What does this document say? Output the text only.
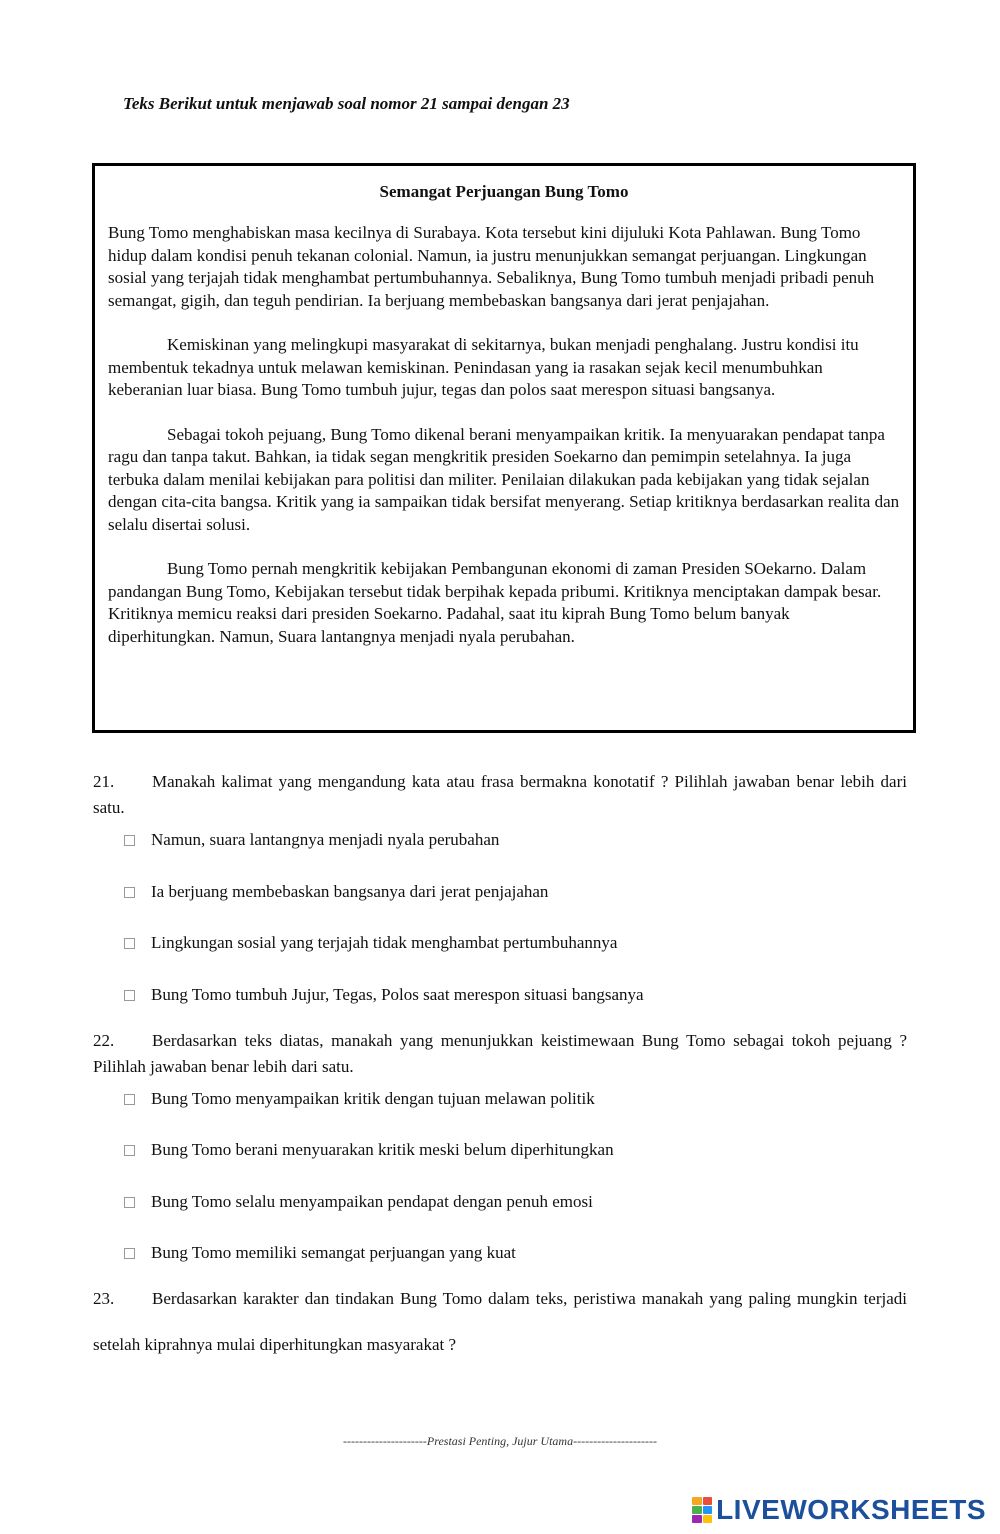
Teks Berikut untuk menjawab soal nomor 21 sampai dengan 23
Semangat Perjuangan Bung Tomo

Bung Tomo menghabiskan masa kecilnya di Surabaya. Kota tersebut kini dijuluki Kota Pahlawan. Bung Tomo hidup dalam kondisi penuh tekanan colonial. Namun, ia justru menunjukkan semangat perjuangan. Lingkungan sosial yang terjajah tidak menghambat pertumbuhannya. Sebaliknya, Bung Tomo tumbuh menjadi pribadi penuh semangat, gigih, dan teguh pendirian. Ia berjuang membebaskan bangsanya dari jerat penjajahan.

Kemiskinan yang melingkupi masyarakat di sekitarnya, bukan menjadi penghalang. Justru kondisi itu membentuk tekadnya untuk melawan kemiskinan. Penindasan yang ia rasakan sejak kecil menumbuhkan keberanian luar biasa. Bung Tomo tumbuh jujur, tegas dan polos saat merespon situasi bangsanya.

Sebagai tokoh pejuang, Bung Tomo dikenal berani menyampaikan kritik. Ia menyuarakan pendapat tanpa ragu dan tanpa takut. Bahkan, ia tidak segan mengkritik presiden Soekarno dan pemimpin setelahnya. Ia juga terbuka dalam menilai kebijakan para politisi dan militer. Penilaian dilakukan pada kebijakan yang tidak sejalan dengan cita-cita bangsa. Kritik yang ia sampaikan tidak bersifat menyerang. Setiap kritiknya berdasarkan realita dan selalu disertai solusi.

Bung Tomo pernah mengkritik kebijakan Pembangunan ekonomi di zaman Presiden SOekarno. Dalam pandangan Bung Tomo, Kebijakan tersebut tidak berpihak kepada pribumi. Kritiknya menciptakan dampak besar. Kritiknya memicu reaksi dari presiden Soekarno. Padahal, saat itu kiprah Bung Tomo belum banyak diperhitungkan. Namun, Suara lantangnya menjadi nyala perubahan.

21. Manakah kalimat yang mengandung kata atau frasa bermakna konotatif ? Pilihlah jawaban benar lebih dari satu.
Namun, suara lantangnya menjadi nyala perubahan
Ia berjuang membebaskan bangsanya dari jerat penjajahan
Lingkungan sosial yang terjajah tidak menghambat pertumbuhannya
Bung Tomo tumbuh Jujur, Tegas, Polos saat merespon situasi bangsanya
22. Berdasarkan teks diatas, manakah yang menunjukkan keistimewaan Bung Tomo sebagai tokoh pejuang ? Pilihlah jawaban benar lebih dari satu.
Bung Tomo menyampaikan kritik dengan tujuan melawan politik
Bung Tomo berani menyuarakan kritik meski belum diperhitungkan
Bung Tomo selalu menyampaikan pendapat dengan penuh emosi
Bung Tomo memiliki semangat perjuangan yang kuat
23. Berdasarkan karakter dan tindakan Bung Tomo dalam teks, peristiwa manakah yang paling mungkin terjadi setelah kiprahnya mulai diperhitungkan masyarakat ?
---------------------Prestasi Penting, Jujur Utama---------------------
LIVEWORKSHEETS
